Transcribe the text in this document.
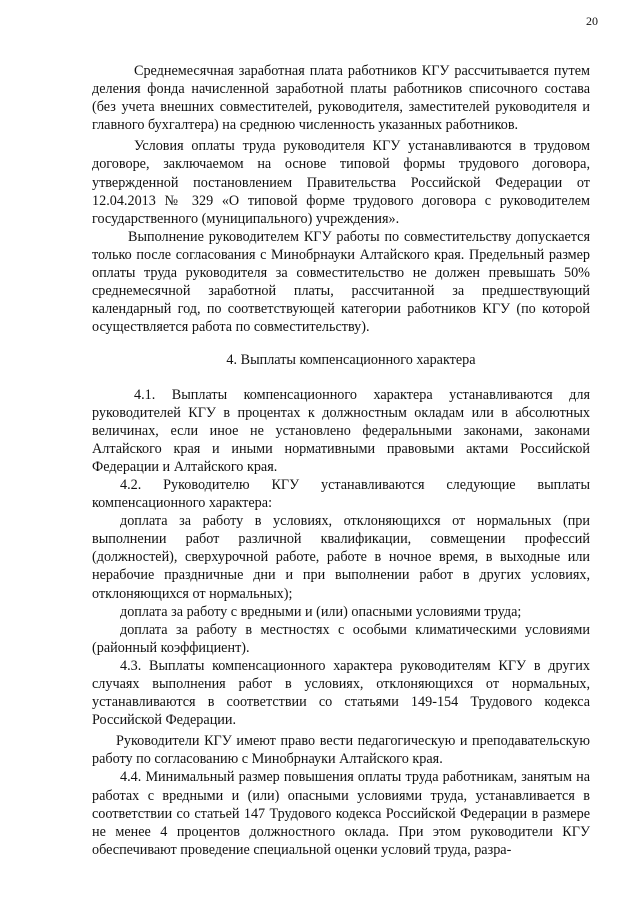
20

Среднемесячная заработная плата работников КГУ рассчитывается путем деления фонда начисленной заработной платы работников списочного состава (без учета внешних совместителей, руководителя, заместителей руководителя и главного бухгалтера) на среднюю численность указанных работников.

Условия оплаты труда руководителя КГУ устанавливаются в трудовом договоре, заключаемом на основе типовой формы трудового договора, утвержденной постановлением Правительства Российской Федерации от 12.04.2013 № 329 «О типовой форме трудового договора с руководителем государственного (муниципального) учреждения».

Выполнение руководителем КГУ работы по совместительству допускается только после согласования с Минобрнауки Алтайского края. Предельный размер оплаты труда руководителя за совместительство не должен превышать 50% среднемесячной заработной платы, рассчитанной за предшествующий календарный год, по соответствующей категории работников КГУ (по которой осуществляется работа по совместительству).

4. Выплаты компенсационного характера

4.1. Выплаты компенсационного характера устанавливаются для руководителей КГУ в процентах к должностным окладам или в абсолютных величинах, если иное не установлено федеральными законами, законами Алтайского края и иными нормативными правовыми актами Российской Федерации и Алтайского края.

4.2. Руководителю КГУ устанавливаются следующие выплаты компенсационного характера:

доплата за работу в условиях, отклоняющихся от нормальных (при выполнении работ различной квалификации, совмещении профессий (должностей), сверхурочной работе, работе в ночное время, в выходные или нерабочие праздничные дни и при выполнении работ в других условиях, отклоняющихся от нормальных);

доплата за работу с вредными и (или) опасными условиями труда;

доплата за работу в местностях с особыми климатическими условиями (районный коэффициент).

4.3. Выплаты компенсационного характера руководителям КГУ в других случаях выполнения работ в условиях, отклоняющихся от нормальных, устанавливаются в соответствии со статьями 149-154 Трудового кодекса Российской Федерации.

Руководители КГУ имеют право вести педагогическую и преподавательскую работу по согласованию с Минобрнауки Алтайского края.

4.4. Минимальный размер повышения оплаты труда работникам, занятым на работах с вредными и (или) опасными условиями труда, устанавливается в соответствии со статьей 147 Трудового кодекса Российской Федерации в размере не менее 4 процентов должностного оклада. При этом руководители КГУ обеспечивают проведение специальной оценки условий труда, разра-
